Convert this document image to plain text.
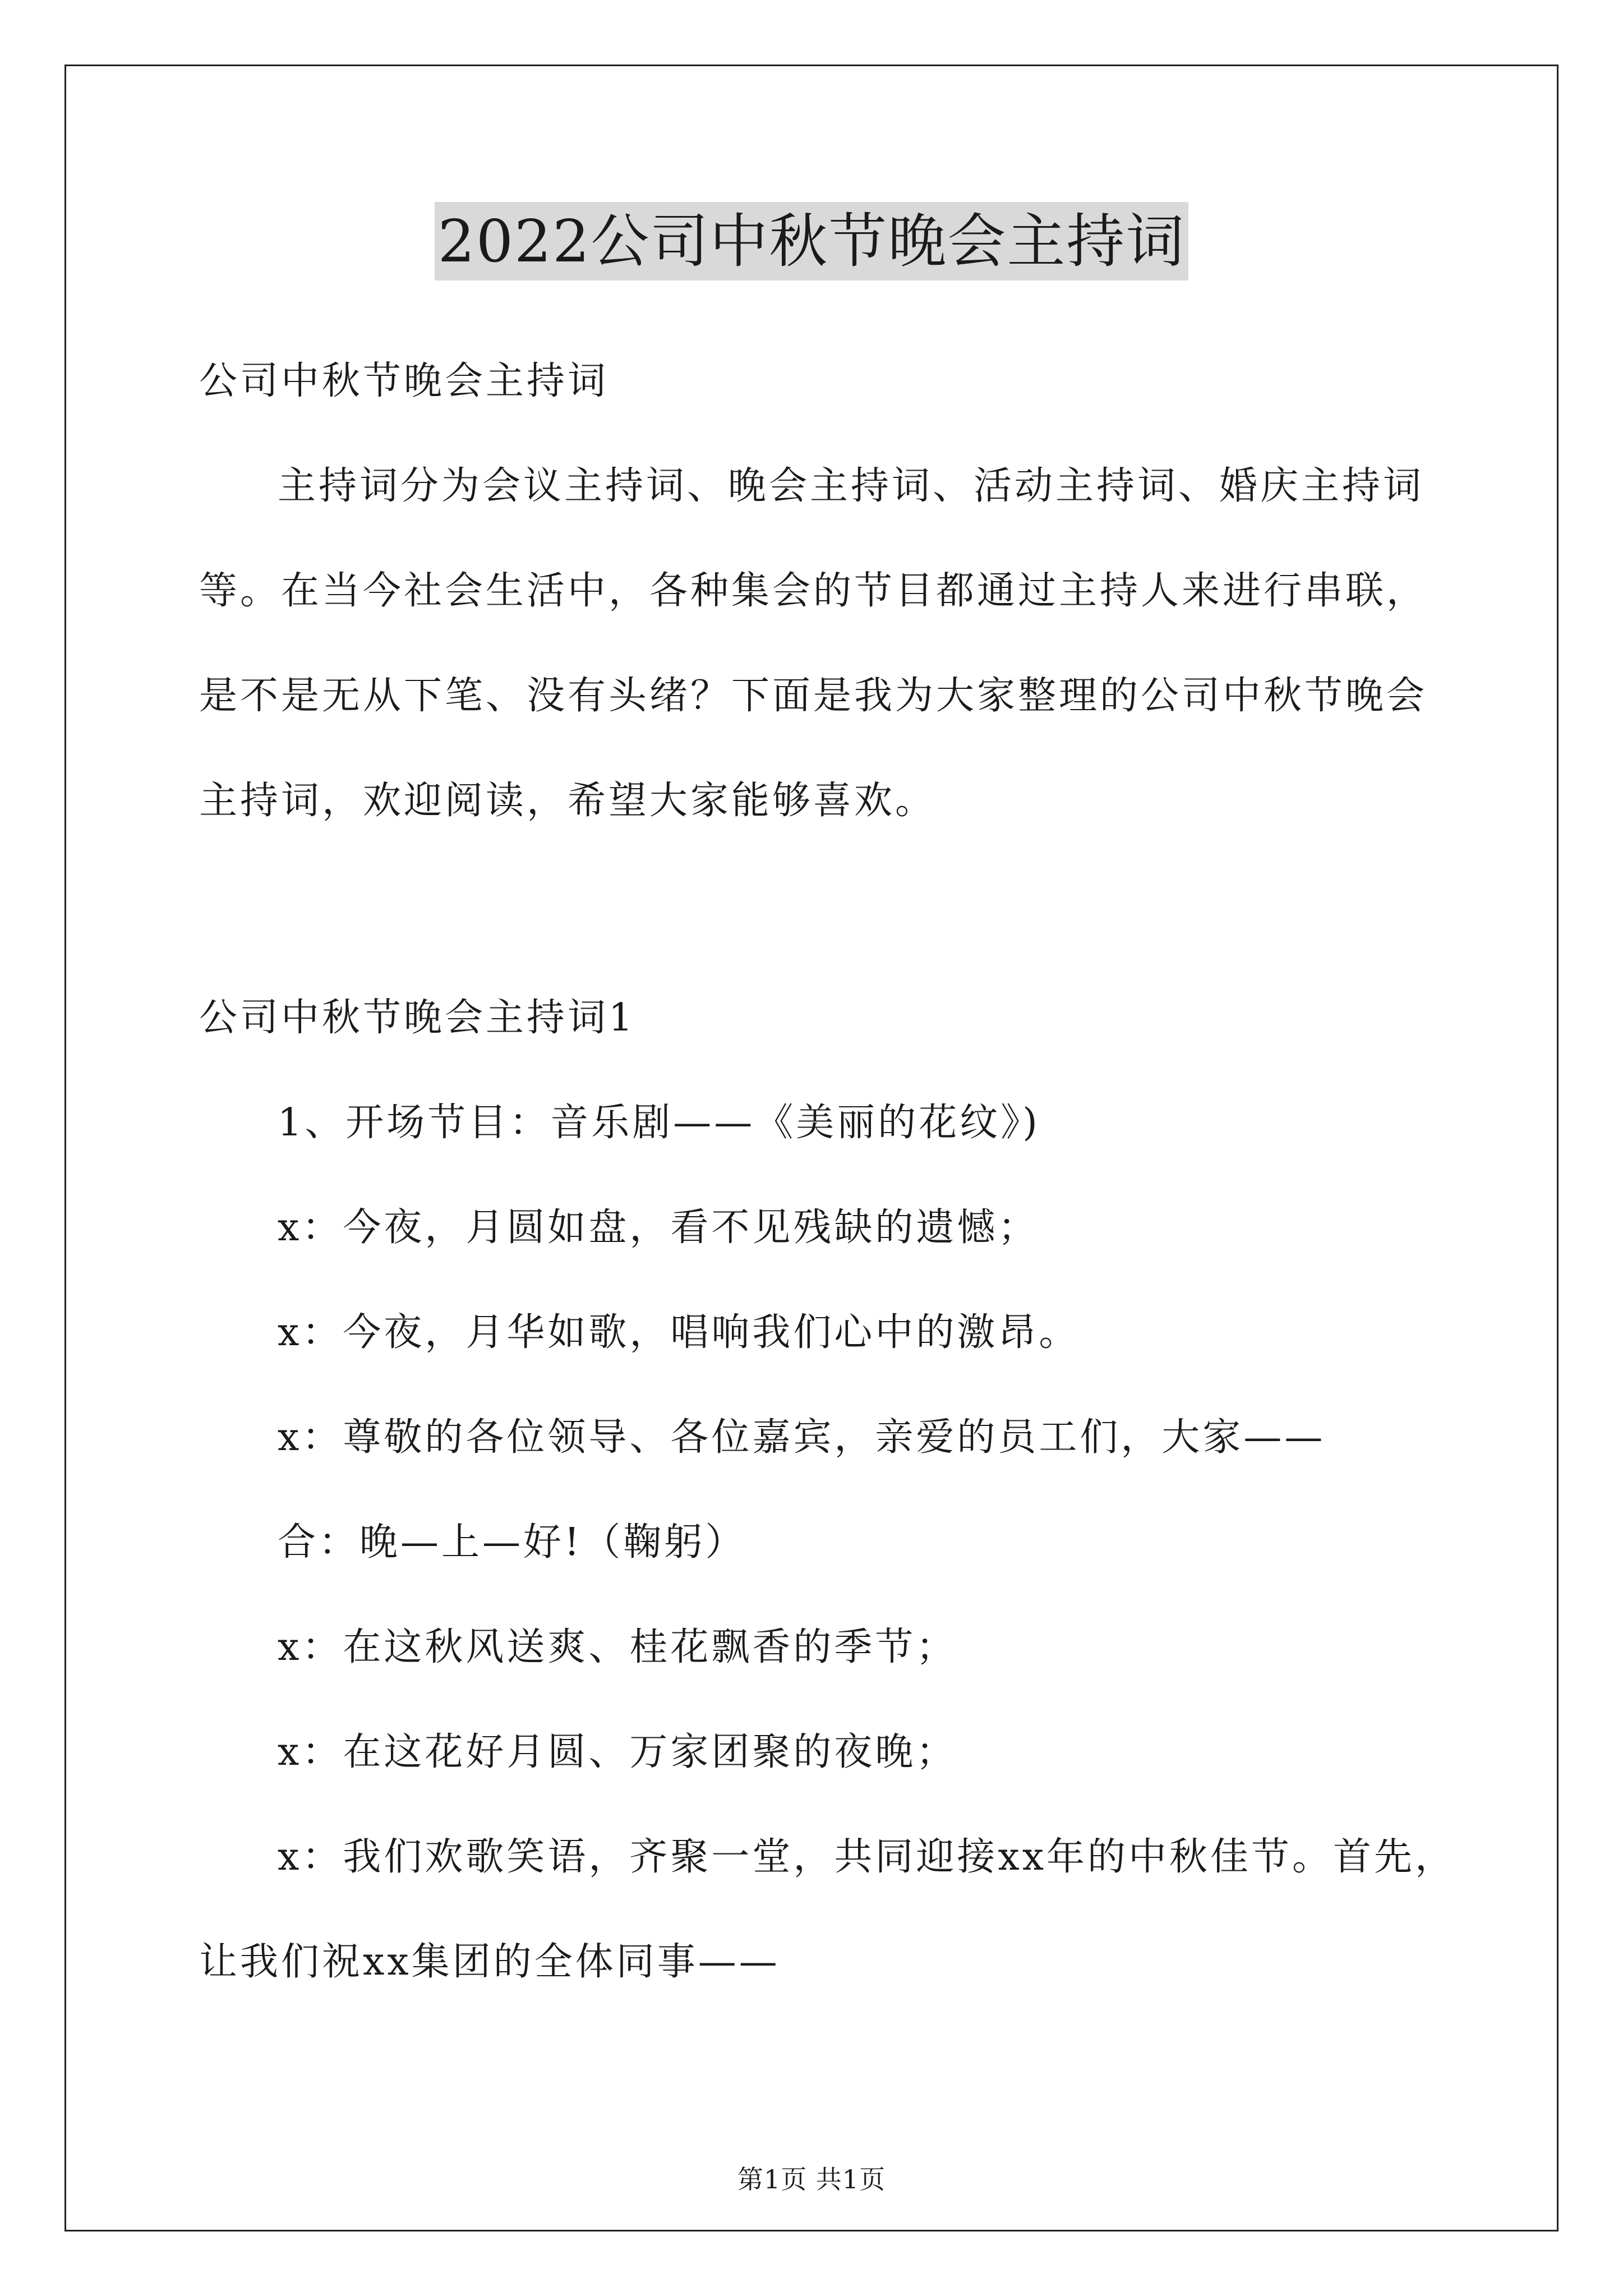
2022公司中秋节晚会主持词
公司中秋节晚会主持词
主持词分为会议主持词、晚会主持词、活动主持词、婚庆主持词
等。在当今社会生活中，各种集会的节目都通过主持人来进行串联，
是不是无从下笔、没有头绪？下面是我为大家整理的公司中秋节晚会
主持词，欢迎阅读，希望大家能够喜欢。
公司中秋节晚会主持词1
1、开场节目：音乐剧——《美丽的花纹》)
x：今夜，月圆如盘，看不见残缺的遗憾；
x：今夜，月华如歌，唱响我们心中的激昂。
x：尊敬的各位领导、各位嘉宾，亲爱的员工们，大家——
合：晚—上—好!（鞠躬）
x：在这秋风送爽、桂花飘香的季节；
x：在这花好月圆、万家团聚的夜晚；
x：我们欢歌笑语，齐聚一堂，共同迎接xx年的中秋佳节。首先，
让我们祝xx集团的全体同事——
第1页 共1页
